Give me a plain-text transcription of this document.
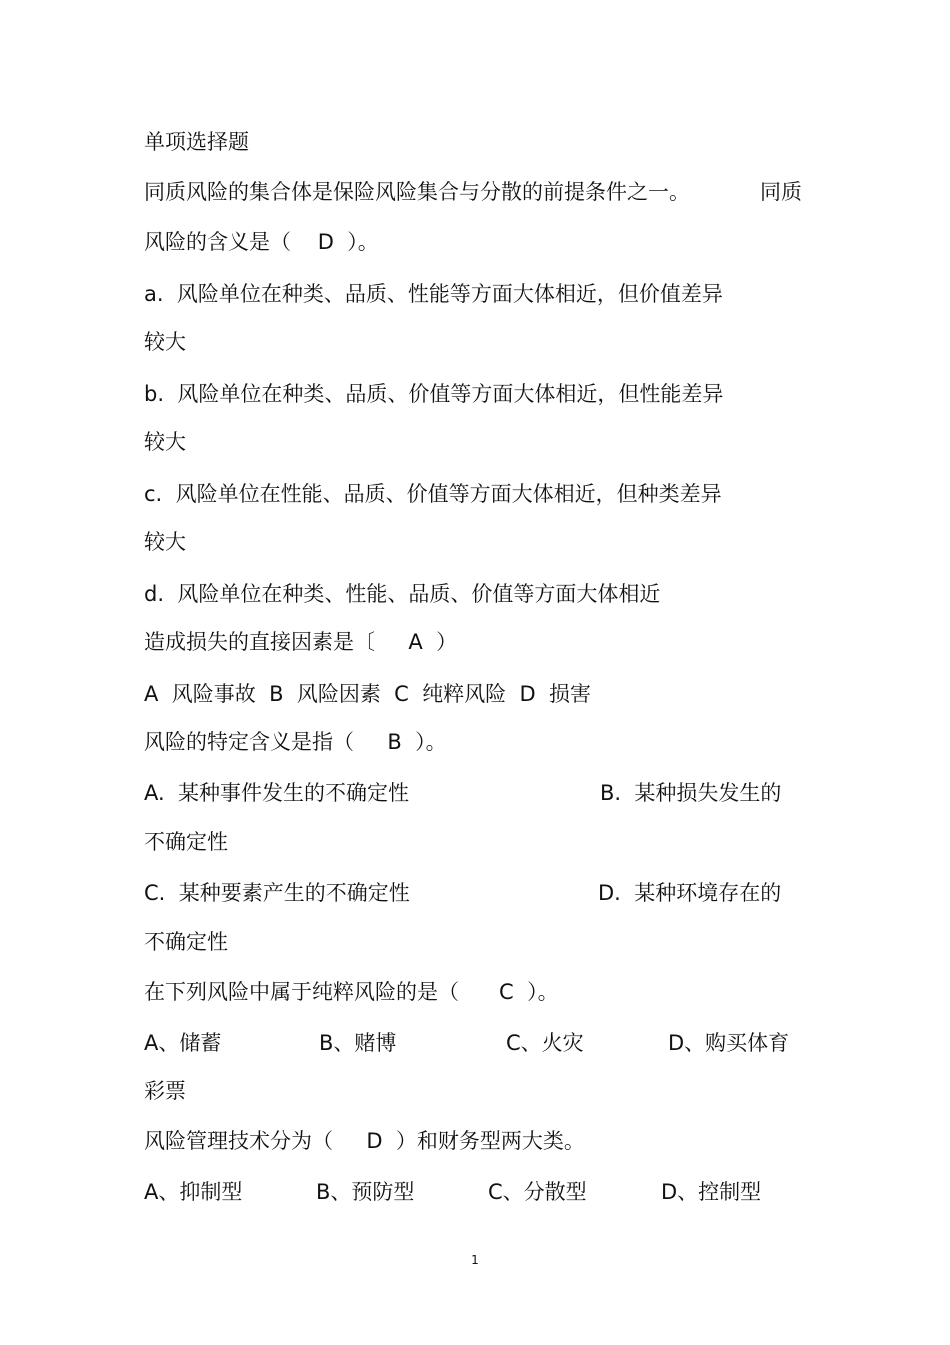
单项选择题
同质风险的集合体是保险风险集合与分散的前提条件之一。	同质
风险的含义是（    D  ）。
a.  风险单位在种类、品质、性能等方面大体相近，但价值差异
较大
b.  风险单位在种类、品质、价值等方面大体相近，但性能差异
较大
c.  风险单位在性能、品质、价值等方面大体相近，但种类差异
较大
d.  风险单位在种类、性能、品质、价值等方面大体相近
造成损失的直接因素是〔     A  ）
A  风险事故  B  风险因素  C  纯粹风险  D  损害
风险的特定含义是指（     B  ）。
A.  某种事件发生的不确定性	B.  某种损失发生的
不确定性
C.  某种要素产生的不确定性	D.  某种环境存在的
不确定性
在下列风险中属于纯粹风险的是（      C  ）。
A、储蓄	B、赌博	C、火灾	D、购买体育
彩票
风险管理技术分为（     D  ）和财务型两大类。
A、抑制型	B、预防型	C、分散型	D、控制型
1
